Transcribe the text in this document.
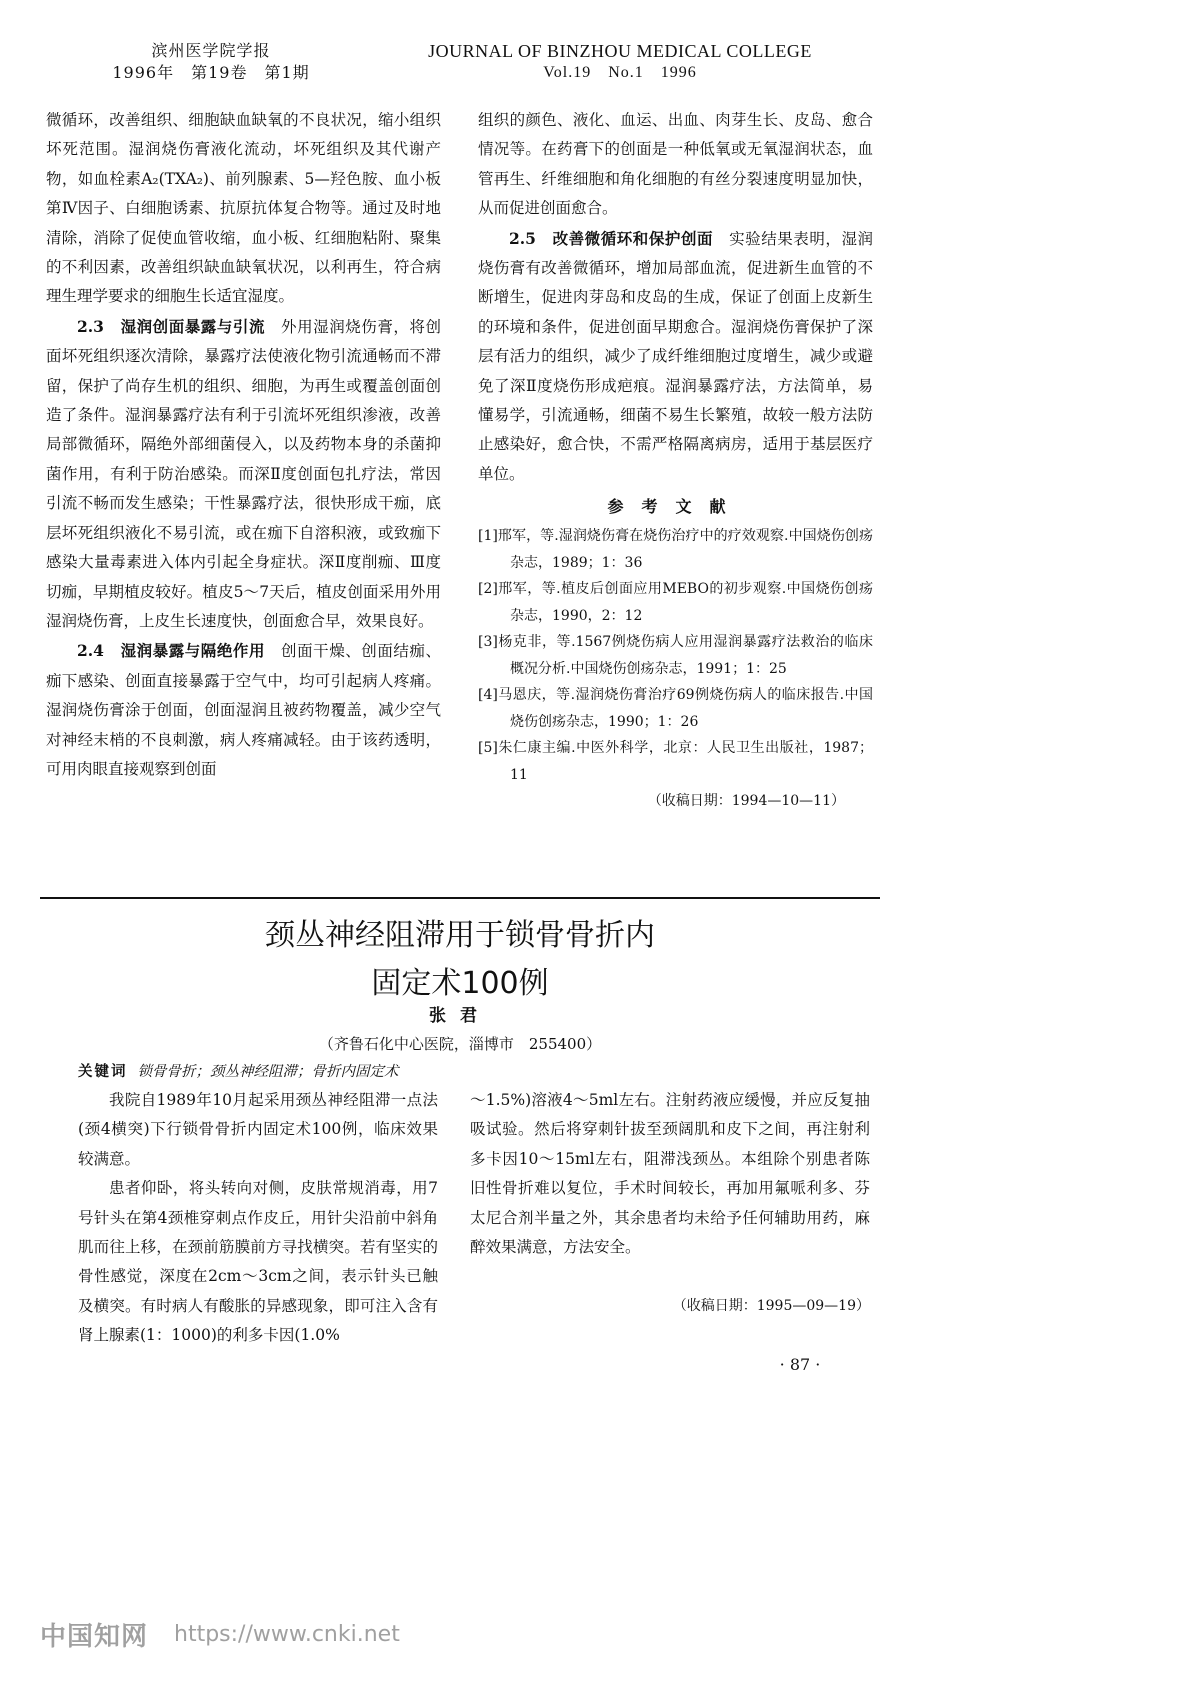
滨州医学院学报
1996年　第19卷　第1期
JOURNAL OF BINZHOU MEDICAL COLLEGE
Vol.19　No.1　1996

微循环，改善组织、细胞缺血缺氧的不良状况，缩小组织坏死范围。湿润烧伤膏液化流动，坏死组织及其代谢产物，如血栓素A₂(TXA₂)、前列腺素、5—羟色胺、血小板第Ⅳ因子、白细胞诱素、抗原抗体复合物等。通过及时地清除，消除了促使血管收缩，血小板、红细胞粘附、聚集的不利因素，改善组织缺血缺氧状况，以利再生，符合病理生理学要求的细胞生长适宜湿度。

2.3　湿润创面暴露与引流　外用湿润烧伤膏，将创面坏死组织逐次清除，暴露疗法使液化物引流通畅而不滞留，保护了尚存生机的组织、细胞，为再生或覆盖创面创造了条件。湿润暴露疗法有利于引流坏死组织渗液，改善局部微循环，隔绝外部细菌侵入，以及药物本身的杀菌抑菌作用，有利于防治感染。而深Ⅱ度创面包扎疗法，常因引流不畅而发生感染；干性暴露疗法，很快形成干痂，底层坏死组织液化不易引流，或在痂下自溶积液，或致痂下感染大量毒素进入体内引起全身症状。深Ⅱ度削痂、Ⅲ度切痂，早期植皮较好。植皮5～7天后，植皮创面采用外用湿润烧伤膏，上皮生长速度快，创面愈合早，效果良好。

2.4　湿润暴露与隔绝作用　创面干燥、创面结痂、痂下感染、创面直接暴露于空气中，均可引起病人疼痛。湿润烧伤膏涂于创面，创面湿润且被药物覆盖，减少空气对神经末梢的不良刺激，病人疼痛减轻。由于该药透明，可用肉眼直接观察到创面

组织的颜色、液化、血运、出血、肉芽生长、皮岛、愈合情况等。在药膏下的创面是一种低氧或无氧湿润状态，血管再生、纤维细胞和角化细胞的有丝分裂速度明显加快，从而促进创面愈合。

2.5　改善微循环和保护创面　实验结果表明，湿润烧伤膏有改善微循环，增加局部血流，促进新生血管的不断增生，促进肉芽岛和皮岛的生成，保证了创面上皮新生的环境和条件，促进创面早期愈合。湿润烧伤膏保护了深层有活力的组织，减少了成纤维细胞过度增生，减少或避免了深Ⅱ度烧伤形成疤痕。湿润暴露疗法，方法简单，易懂易学，引流通畅，细菌不易生长繁殖，故较一般方法防止感染好，愈合快，不需严格隔离病房，适用于基层医疗单位。

参考文献
[1]邢军，等.湿润烧伤膏在烧伤治疗中的疗效观察.中国烧伤创疡杂志，1989；1：36
[2]邢军，等.植皮后创面应用MEBO的初步观察.中国烧伤创疡杂志，1990，2：12
[3]杨克非，等.1567例烧伤病人应用湿润暴露疗法救治的临床概况分析.中国烧伤创疡杂志，1991；1：25
[4]马恩庆，等.湿润烧伤膏治疗69例烧伤病人的临床报告.中国烧伤创疡杂志，1990；1：26
[5]朱仁康主编.中医外科学，北京：人民卫生出版社，1987；11
（收稿日期：1994—10—11）
颈丛神经阻滞用于锁骨骨折内
固定术100例
张君
（齐鲁石化中心医院，淄博市　255400）
关键词 锁骨骨折；颈丛神经阻滞；骨折内固定术

我院自1989年10月起采用颈丛神经阻滞一点法(颈4横突)下行锁骨骨折内固定术100例，临床效果较满意。

患者仰卧，将头转向对侧，皮肤常规消毒，用7号针头在第4颈椎穿刺点作皮丘，用针尖沿前中斜角肌而往上移，在颈前筋膜前方寻找横突。若有坚实的骨性感觉，深度在2cm～3cm之间，表示针头已触及横突。有时病人有酸胀的异感现象，即可注入含有肾上腺素(1：1000)的利多卡因(1.0%

～1.5%)溶液4～5ml左右。注射药液应缓慢，并应反复抽吸试验。然后将穿刺针拔至颈阔肌和皮下之间，再注射利多卡因10～15ml左右，阻滞浅颈丛。本组除个别患者陈旧性骨折难以复位，手术时间较长，再加用氟哌利多、芬太尼合剂半量之外，其余患者均未给予任何辅助用药，麻醉效果满意，方法安全。

（收稿日期：1995—09—19）
· 87 ·
中国知网 https://www.cnki.net
